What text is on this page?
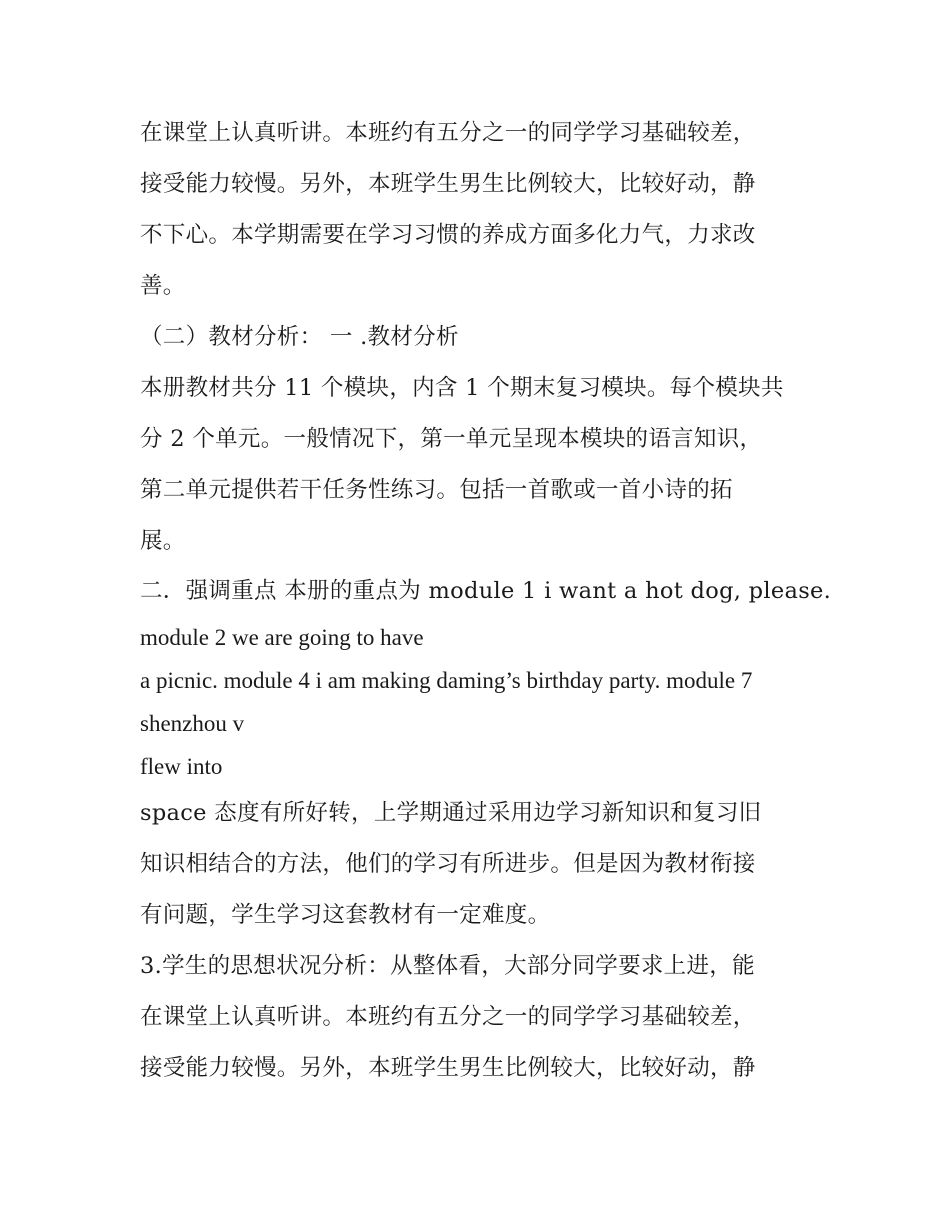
在课堂上认真听讲。本班约有五分之一的同学学习基础较差，

接受能力较慢。另外，本班学生男生比例较大，比较好动，静

不下心。本学期需要在学习习惯的养成方面多化力气，力求改

善。

（二）教材分析： 一 .教材分析

本册教材共分 11 个模块，内含 1 个期末复习模块。每个模块共

分 2 个单元。一般情况下，第一单元呈现本模块的语言知识，

第二单元提供若干任务性练习。包括一首歌或一首小诗的拓

展。

二．强调重点 本册的重点为 module 1 i want a hot dog, please.

module 2 we are going to have

a picnic. module 4 i am making daming’s birthday party. module 7

shenzhou v

flew into

space 态度有所好转，上学期通过采用边学习新知识和复习旧

知识相结合的方法，他们的学习有所进步。但是因为教材衔接

有问题，学生学习这套教材有一定难度。

3.学生的思想状况分析：从整体看，大部分同学要求上进，能

在课堂上认真听讲。本班约有五分之一的同学学习基础较差，

接受能力较慢。另外，本班学生男生比例较大，比较好动，静
